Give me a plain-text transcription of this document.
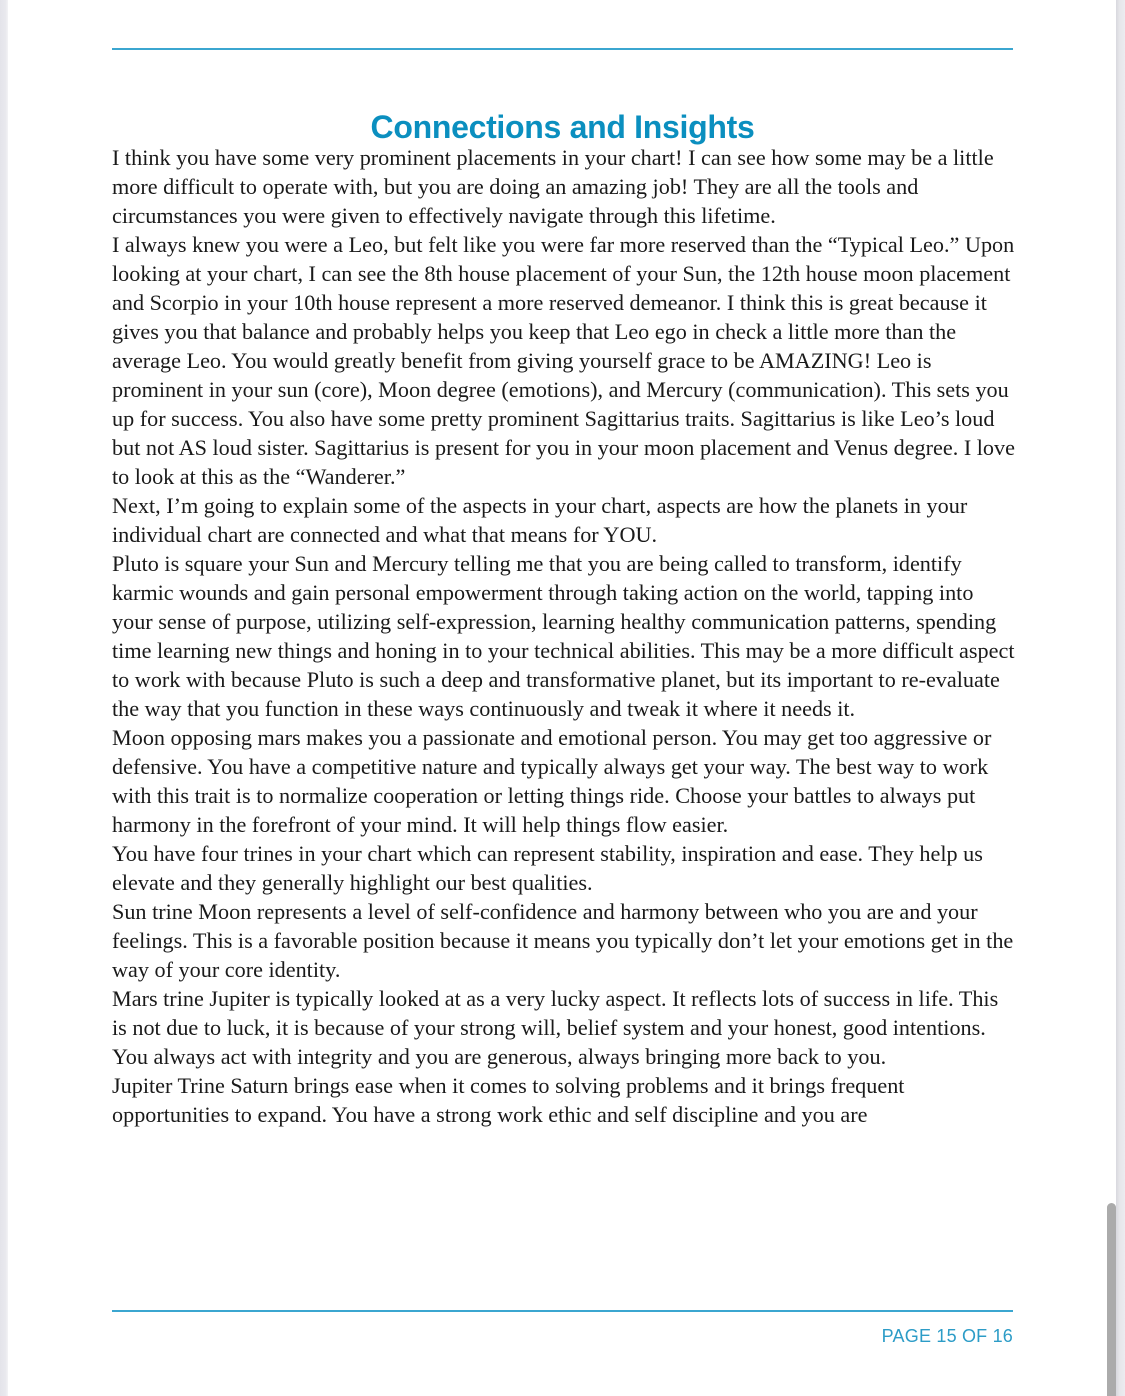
Connections and Insights

I think you have some very prominent placements in your chart! I can see how some may be a little more difficult to operate with, but you are doing an amazing job! They are all the tools and circumstances you were given to effectively navigate through this lifetime.

I always knew you were a Leo, but felt like you were far more reserved than the “Typical Leo.” Upon looking at your chart, I can see the 8th house placement of your Sun, the 12th house moon placement and Scorpio in your 10th house represent a more reserved demeanor. I think this is great because it gives you that balance and probably helps you keep that Leo ego in check a little more than the average Leo. You would greatly benefit from giving yourself grace to be AMAZING! Leo is prominent in your sun (core), Moon degree (emotions), and Mercury (communication). This sets you up for success. You also have some pretty prominent Sagittarius traits. Sagittarius is like Leo’s loud but not AS loud sister. Sagittarius is present for you in your moon placement and Venus degree. I love to look at this as the “Wanderer.”

Next, I’m going to explain some of the aspects in your chart, aspects are how the planets in your individual chart are connected and what that means for YOU.

Pluto is square your Sun and Mercury telling me that you are being called to transform, identify karmic wounds and gain personal empowerment through taking action on the world, tapping into your sense of purpose, utilizing self-expression, learning healthy communication patterns, spending time learning new things and honing in to your technical abilities. This may be a more difficult aspect to work with because Pluto is such a deep and transformative planet, but its important to re-evaluate the way that you function in these ways continuously and tweak it where it needs it.

Moon opposing mars makes you a passionate and emotional person. You may get too aggressive or defensive. You have a competitive nature and typically always get your way. The best way to work with this trait is to normalize cooperation or letting things ride. Choose your battles to always put harmony in the forefront of your mind. It will help things flow easier.

You have four trines in your chart which can represent stability, inspiration and ease. They help us elevate and they generally highlight our best qualities.

Sun trine Moon represents a level of self-confidence and harmony between who you are and your feelings. This is a favorable position because it means you typically don’t let your emotions get in the way of your core identity.

Mars trine Jupiter is typically looked at as a very lucky aspect. It reflects lots of success in life. This is not due to luck, it is because of your strong will, belief system and your honest, good intentions. You always act with integrity and you are generous, always bringing more back to you.

Jupiter Trine Saturn brings ease when it comes to solving problems and it brings frequent opportunities to expand. You have a strong work ethic and self discipline and you are

PAGE 15 OF 16
